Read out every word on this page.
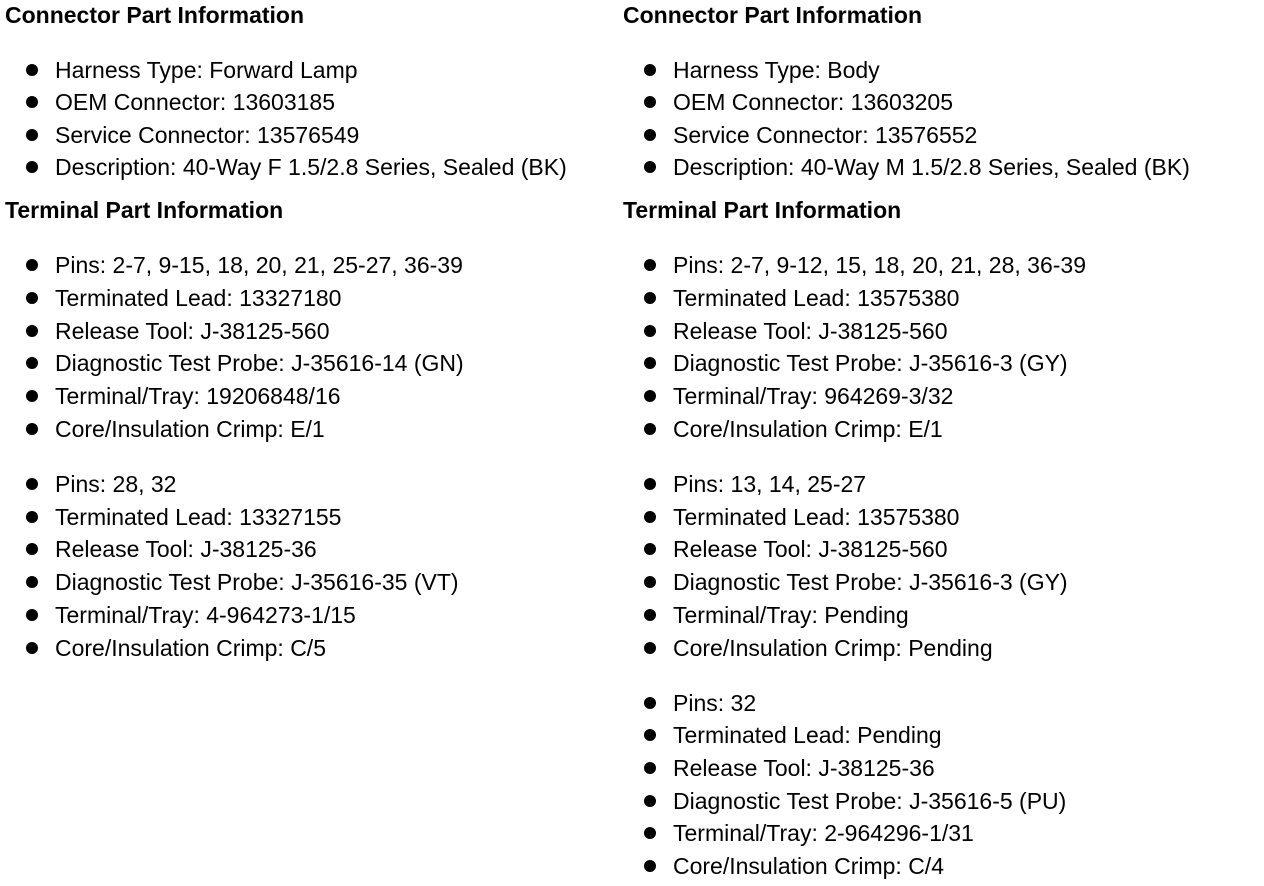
Connector Part Information
Harness Type: Forward Lamp
OEM Connector: 13603185
Service Connector: 13576549
Description: 40-Way F 1.5/2.8 Series, Sealed (BK)
Terminal Part Information
Pins: 2-7, 9-15, 18, 20, 21, 25-27, 36-39
Terminated Lead: 13327180
Release Tool: J-38125-560
Diagnostic Test Probe: J-35616-14 (GN)
Terminal/Tray: 19206848/16
Core/Insulation Crimp: E/1
Pins: 28, 32
Terminated Lead: 13327155
Release Tool: J-38125-36
Diagnostic Test Probe: J-35616-35 (VT)
Terminal/Tray: 4-964273-1/15
Core/Insulation Crimp: C/5
Connector Part Information
Harness Type: Body
OEM Connector: 13603205
Service Connector: 13576552
Description: 40-Way M 1.5/2.8 Series, Sealed (BK)
Terminal Part Information
Pins: 2-7, 9-12, 15, 18, 20, 21, 28, 36-39
Terminated Lead: 13575380
Release Tool: J-38125-560
Diagnostic Test Probe: J-35616-3 (GY)
Terminal/Tray: 964269-3/32
Core/Insulation Crimp: E/1
Pins: 13, 14, 25-27
Terminated Lead: 13575380
Release Tool: J-38125-560
Diagnostic Test Probe: J-35616-3 (GY)
Terminal/Tray: Pending
Core/Insulation Crimp: Pending
Pins: 32
Terminated Lead: Pending
Release Tool: J-38125-36
Diagnostic Test Probe: J-35616-5 (PU)
Terminal/Tray: 2-964296-1/31
Core/Insulation Crimp: C/4
